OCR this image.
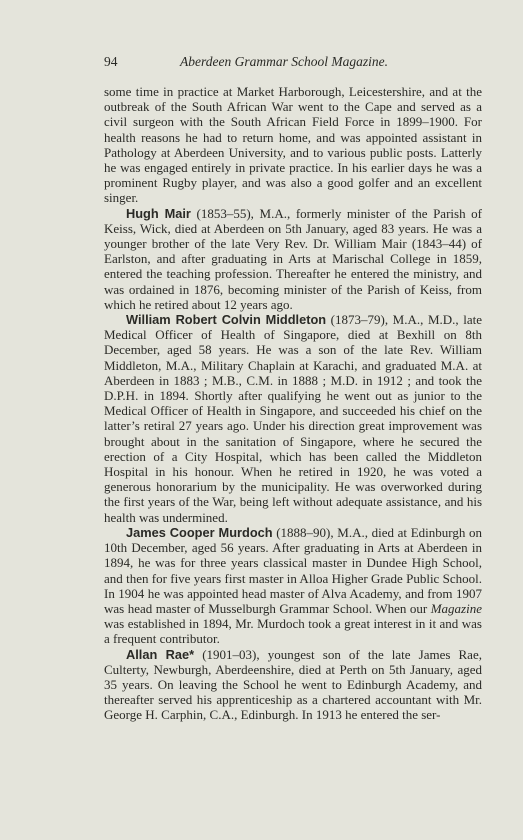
94	Aberdeen Grammar School Magazine.

some time in practice at Market Harborough, Leicestershire, and at the outbreak of the South African War went to the Cape and served as a civil surgeon with the South African Field Force in 1899–1900. For health reasons he had to return home, and was appointed assistant in Pathology at Aberdeen University, and to various public posts. Latterly he was engaged entirely in private practice. In his earlier days he was a prominent Rugby player, and was also a good golfer and an excellent singer.

Hugh Mair (1853–55), M.A., formerly minister of the Parish of Keiss, Wick, died at Aberdeen on 5th January, aged 83 years. He was a younger brother of the late Very Rev. Dr. William Mair (1843–44) of Earlston, and after graduating in Arts at Marischal College in 1859, entered the teaching profession. Thereafter he entered the ministry, and was ordained in 1876, becoming minister of the Parish of Keiss, from which he retired about 12 years ago.

William Robert Colvin Middleton (1873–79), M.A., M.D., late Medical Officer of Health of Singapore, died at Bexhill on 8th December, aged 58 years. He was a son of the late Rev. William Middleton, M.A., Military Chaplain at Karachi, and graduated M.A. at Aberdeen in 1883 ; M.B., C.M. in 1888 ; M.D. in 1912 ; and took the D.P.H. in 1894. Shortly after qualifying he went out as junior to the Medical Officer of Health in Singapore, and succeeded his chief on the latter’s retiral 27 years ago. Under his direction great improvement was brought about in the sanitation of Singapore, where he secured the erection of a City Hospital, which has been called the Middleton Hospital in his honour. When he retired in 1920, he was voted a generous honorarium by the municipality. He was overworked during the first years of the War, being left without adequate assistance, and his health was undermined.

James Cooper Murdoch (1888–90), M.A., died at Edinburgh on 10th December, aged 56 years. After graduating in Arts at Aberdeen in 1894, he was for three years classical master in Dundee High School, and then for five years first master in Alloa Higher Grade Public School. In 1904 he was appointed head master of Alva Academy, and from 1907 was head master of Musselburgh Grammar School. When our Magazine was established in 1894, Mr. Murdoch took a great interest in it and was a frequent contributor.

Allan Rae* (1901–03), youngest son of the late James Rae, Culterty, Newburgh, Aberdeenshire, died at Perth on 5th January, aged 35 years. On leaving the School he went to Edinburgh Academy, and thereafter served his apprenticeship as a chartered accountant with Mr. George H. Carphin, C.A., Edinburgh. In 1913 he entered the ser-
